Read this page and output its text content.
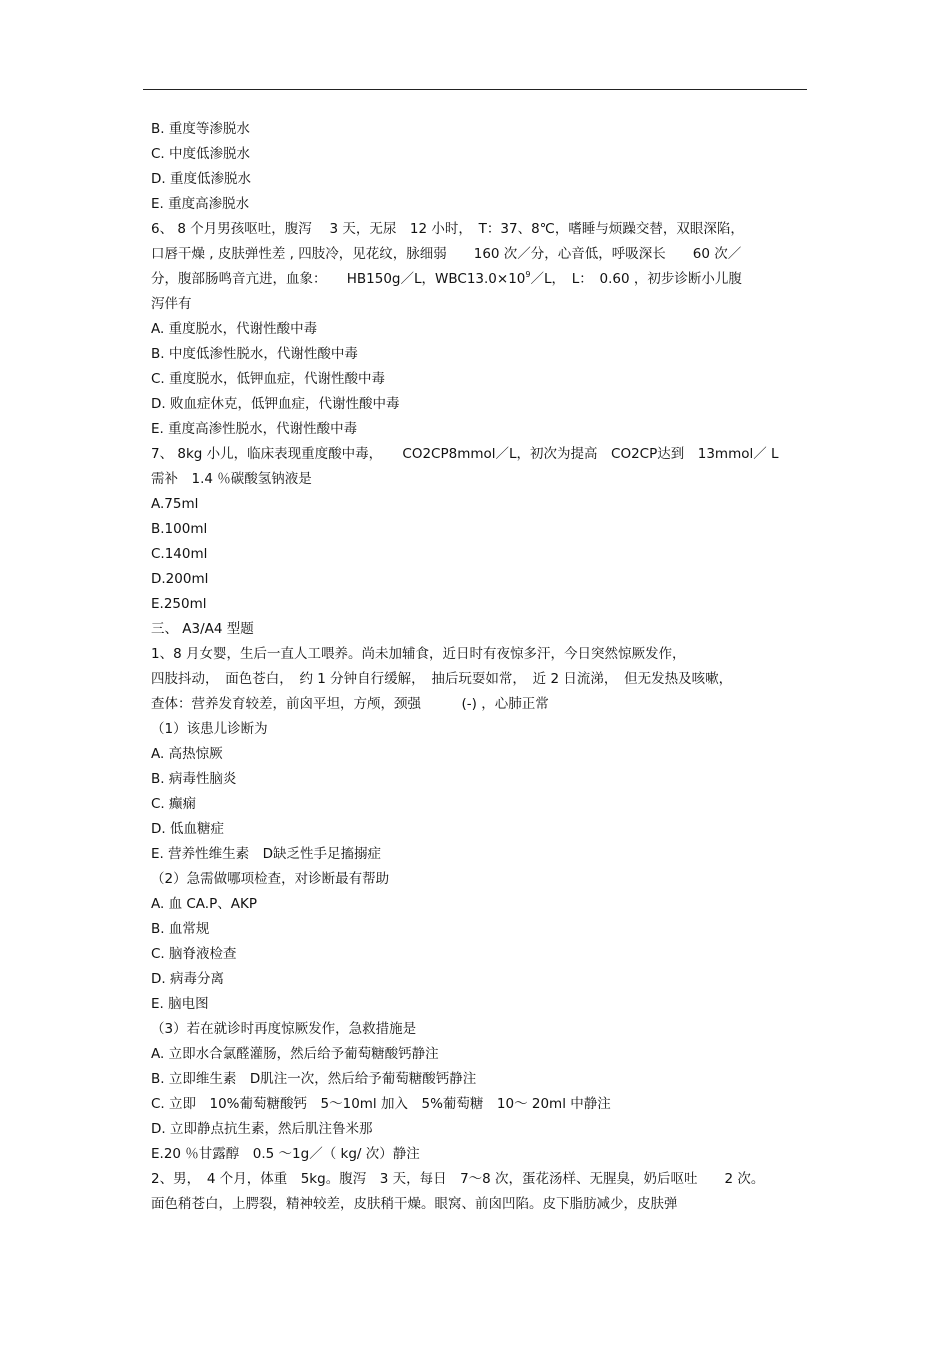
B. 重度等渗脱水
C. 中度低渗脱水
D. 重度低渗脱水
E. 重度高渗脱水
6、 8 个月男孩呕吐，腹泻　 3 天，无尿　12 小时，　T：37、8℃，嗜睡与烦躁交替，双眼深陷，
口唇干燥 , 皮肤弹性差 , 四肢冷，见花纹，脉细弱　　160 次／分，心音低，呼吸深长　　60 次／
分，腹部肠鸣音亢进，血象：　　HB150g／L，$WBC13.0\times 10^9/L$，　L：　0.60 ，初步诊断小儿腹
泻伴有
A. 重度脱水，代谢性酸中毒
B. 中度低渗性脱水，代谢性酸中毒
C. 重度脱水，低钾血症，代谢性酸中毒
D. 败血症休克，低钾血症，代谢性酸中毒
E. 重度高渗性脱水，代谢性酸中毒
7、 8kg 小儿，临床表现重度酸中毒，　　CO2CP8mmol／L，初次为提高　CO2CP达到　13mmol／ L
需补　1.4 ％碳酸氢钠液是
A.75ml
B.100ml
C.140ml
D.200ml
E.250ml
三、 A3/A4 型题
1、8 月女婴，生后一直人工喂养。尚未加辅食，近日时有夜惊多汗，今日突然惊厥发作，
四肢抖动，　面色苍白，　约 1 分钟自行缓解，　抽后玩耍如常，　近 2 日流涕，　但无发热及咳嗽，
查体：营养发育较差，前囟平坦，方颅，颈强　　　(-) ，心肺正常
（1）该患儿诊断为
A. 高热惊厥
B. 病毒性脑炎
C. 癫痫
D. 低血糖症
E. 营养性维生素　D缺乏性手足搐搦症
（2）急需做哪项检查，对诊断最有帮助
A. 血 CA.P、AKP
B. 血常规
C. 脑脊液检查
D. 病毒分离
E. 脑电图
（3）若在就诊时再度惊厥发作，急救措施是
A. 立即水合氯醛灌肠，然后给予葡萄糖酸钙静注
B. 立即维生素　D肌注一次，然后给予葡萄糖酸钙静注
C. 立即　10%葡萄糖酸钙　5～10ml 加入　5%葡萄糖　10～ 20ml 中静注
D. 立即静点抗生素，然后肌注鲁米那
E.20 ％甘露醇　0.5 ～1g／（ kg/ 次）静注
2、男，　4 个月，体重　5kg。腹泻　3 天，每日　7～8 次，蛋花汤样、无腥臭，奶后呕吐　　2 次。
面色稍苍白，上腭裂，精神较差，皮肤稍干燥。眼窝、前囟凹陷。皮下脂肪减少，皮肤弹
